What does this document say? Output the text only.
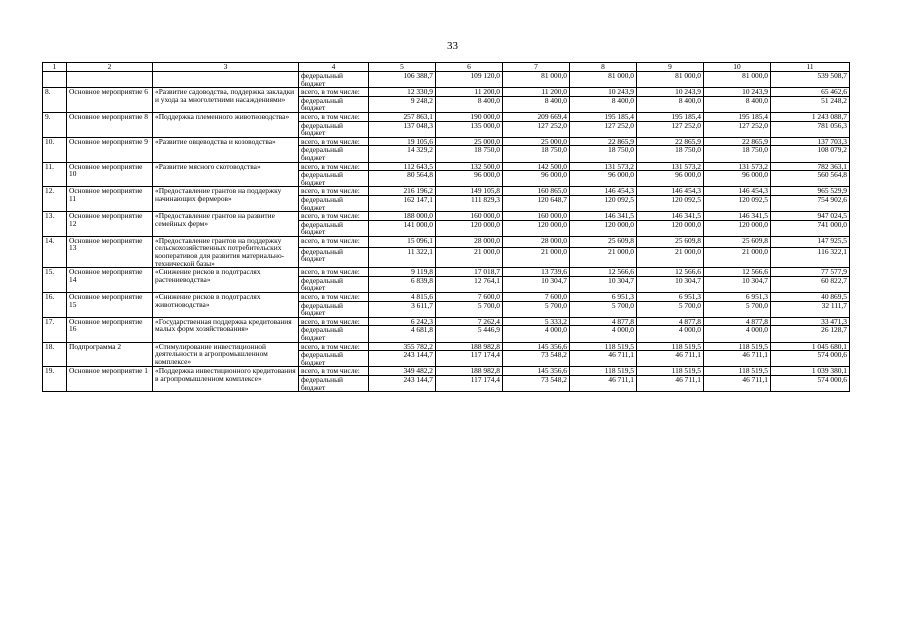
33
1	2	3	4	5	6	7	8	9	10	11
			федеральный бюджет	106 388,7	109 120,0	81 000,0	81 000,0	81 000,0	81 000,0	539 508,7
8.	Основное мероприятие 6	«Развитие садоводства, поддержка закладки и ухода за многолетними насаждениями»	всего, в том числе:	12 330,9	11 200,0	11 200,0	10 243,9	10 243,9	10 243,9	65 462,6
			федеральный бюджет	9 248,2	8 400,0	8 400,0	8 400,0	8 400,0	8 400,0	51 248,2
9.	Основное мероприятие 8	«Поддержка племенного животноводства»	всего, в том числе:	257 863,1	190 000,0	209 669,4	195 185,4	195 185,4	195 185,4	1 243 088,7
			федеральный бюджет	137 048,3	135 000,0	127 252,0	127 252,0	127 252,0	127 252,0	781 056,3
10.	Основное мероприятие 9	«Развитие овцеводства и козоводства»	всего, в том числе:	19 105,6	25 000,0	25 000,0	22 865,9	22 865,9	22 865,9	137 703,3
			федеральный бюджет	14 329,2	18 750,0	18 750,0	18 750,0	18 750,0	18 750,0	108 079,2
11.	Основное мероприятие 10	«Развитие мясного скотоводства»	всего, в том числе:	112 643,5	132 500,0	142 500,0	131 573,2	131 573,2	131 573,2	782 363,1
			федеральный бюджет	80 564,8	96 000,0	96 000,0	96 000,0	96 000,0	96 000,0	560 564,8
12.	Основное мероприятие 11	«Предоставление грантов на поддержку начинающих фермеров»	всего, в том числе:	216 196,2	149 105,8	160 865,0	146 454,3	146 454,3	146 454,3	965 529,9
			федеральный бюджет	162 147,1	111 829,3	120 648,7	120 092,5	120 092,5	120 092,5	754 902,6
13.	Основное мероприятие 12	«Предоставление грантов на развитие семейных ферм»	всего, в том числе:	188 000,0	160 000,0	160 000,0	146 341,5	146 341,5	146 341,5	947 024,5
			федеральный бюджет	141 000,0	120 000,0	120 000,0	120 000,0	120 000,0	120 000,0	741 000,0
14.	Основное мероприятие 13	«Предоставление грантов на поддержку сельскохозяйственных потребительских кооперативов для развития материально-технической базы»	всего, в том числе:	15 096,1	28 000,0	28 000,0	25 609,8	25 609,8	25 609,8	147 925,5
			федеральный бюджет	11 322,1	21 000,0	21 000,0	21 000,0	21 000,0	21 000,0	116 322,1
15.	Основное мероприятие 14	«Снижение рисков в подотраслях растениеводства»	всего, в том числе:	9 119,8	17 018,7	13 739,6	12 566,6	12 566,6	12 566,6	77 577,9
			федеральный бюджет	6 839,8	12 764,1	10 304,7	10 304,7	10 304,7	10 304,7	60 822,7
16.	Основное мероприятие 15	«Снижение рисков в подотраслях животноводства»	всего, в том числе:	4 815,6	7 600,0	7 600,0	6 951,3	6 951,3	6 951,3	40 869,5
			федеральный бюджет	3 611,7	5 700,0	5 700,0	5 700,0	5 700,0	5 700,0	32 111,7
17.	Основное мероприятие 16	«Государственная поддержка кредитования малых форм хозяйствования»	всего, в том числе:	6 242,3	7 262,4	5 333,2	4 877,8	4 877,8	4 877,8	33 471,3
			федеральный бюджет	4 681,8	5 446,9	4 000,0	4 000,0	4 000,0	4 000,0	26 128,7
18.	Подпрограмма 2	«Стимулирование инвестиционной деятельности в агропромышленном комплексе»	всего, в том числе:	355 782,2	188 982,8	145 356,6	118 519,5	118 519,5	118 519,5	1 045 680,1
			федеральный бюджет	243 144,7	117 174,4	73 548,2	46 711,1	46 711,1	46 711,1	574 000,6
19.	Основное мероприятие 1	«Поддержка инвестиционного кредитования в агропромышленном комплексе»	всего, в том числе:	349 482,2	188 982,8	145 356,6	118 519,5	118 519,5	118 519,5	1 039 380,1
			федеральный бюджет	243 144,7	117 174,4	73 548,2	46 711,1	46 711,1	46 711,1	574 000,6
